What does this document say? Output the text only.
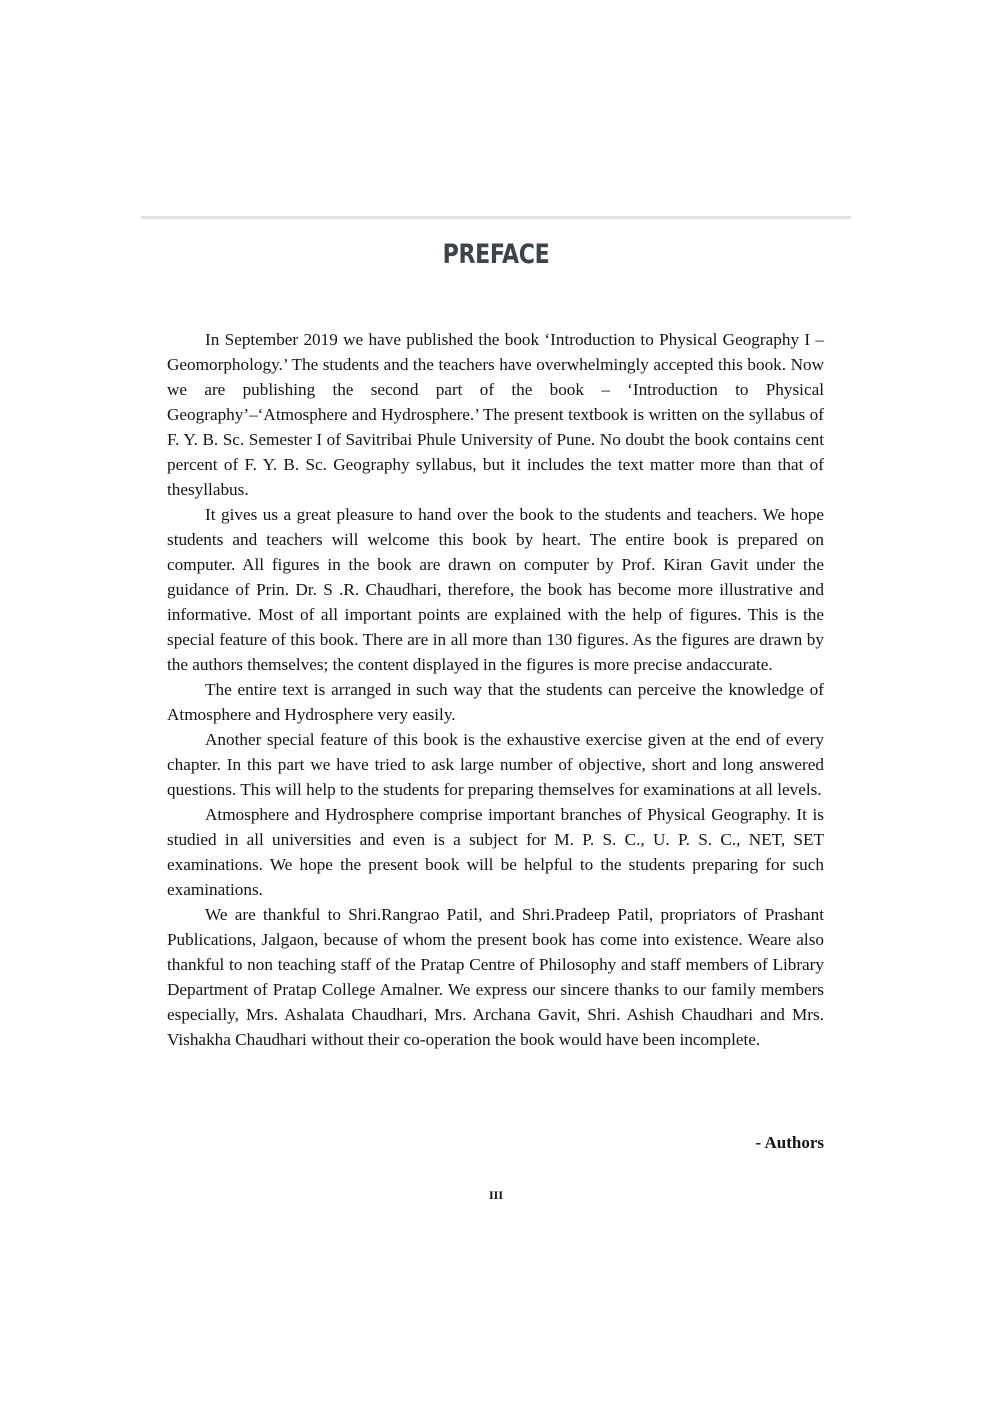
PREFACE

In September 2019 we have published the book ‘Introduction to Physical Geography I – Geomorphology.’ The students and the teachers have overwhelmingly accepted this book. Now we are publishing the second part of the book – ‘Introduction to Physical Geography’–‘Atmosphere and Hydrosphere.’ The present textbook is written on the syllabus of F. Y. B. Sc. Semester I of Savitribai Phule University of Pune. No doubt the book contains cent percent of F. Y. B. Sc. Geography syllabus, but it includes the text matter more than that of thesyllabus.

It gives us a great pleasure to hand over the book to the students and teachers. We hope students and teachers will welcome this book by heart. The entire book is prepared on computer. All figures in the book are drawn on computer by Prof. Kiran Gavit under the guidance of Prin. Dr. S .R. Chaudhari, therefore, the book has become more illustrative and informative. Most of all important points are explained with the help of figures. This is the special feature of this book. There are in all more than 130 figures. As the figures are drawn by the authors themselves; the content displayed in the figures is more precise andaccurate.

The entire text is arranged in such way that the students can perceive the knowledge of Atmosphere and Hydrosphere very easily.

Another special feature of this book is the exhaustive exercise given at the end of every chapter. In this part we have tried to ask large number of objective, short and long answered questions. This will help to the students for preparing themselves for examinations at all levels.

Atmosphere and Hydrosphere comprise important branches of Physical Geography. It is studied in all universities and even is a subject for M. P. S. C., U. P. S. C., NET, SET examinations. We hope the present book will be helpful to the students preparing for such examinations.

We are thankful to Shri.Rangrao Patil, and Shri.Pradeep Patil, propriators of Prashant Publications, Jalgaon, because of whom the present book has come into existence. Weare also thankful to non teaching staff of the Pratap Centre of Philosophy and staff members of Library Department of Pratap College Amalner. We express our sincere thanks to our family members especially, Mrs. Ashalata Chaudhari, Mrs. Archana Gavit, Shri. Ashish Chaudhari and Mrs. Vishakha Chaudhari without their co-operation the book would have been incomplete.

- Authors
III
